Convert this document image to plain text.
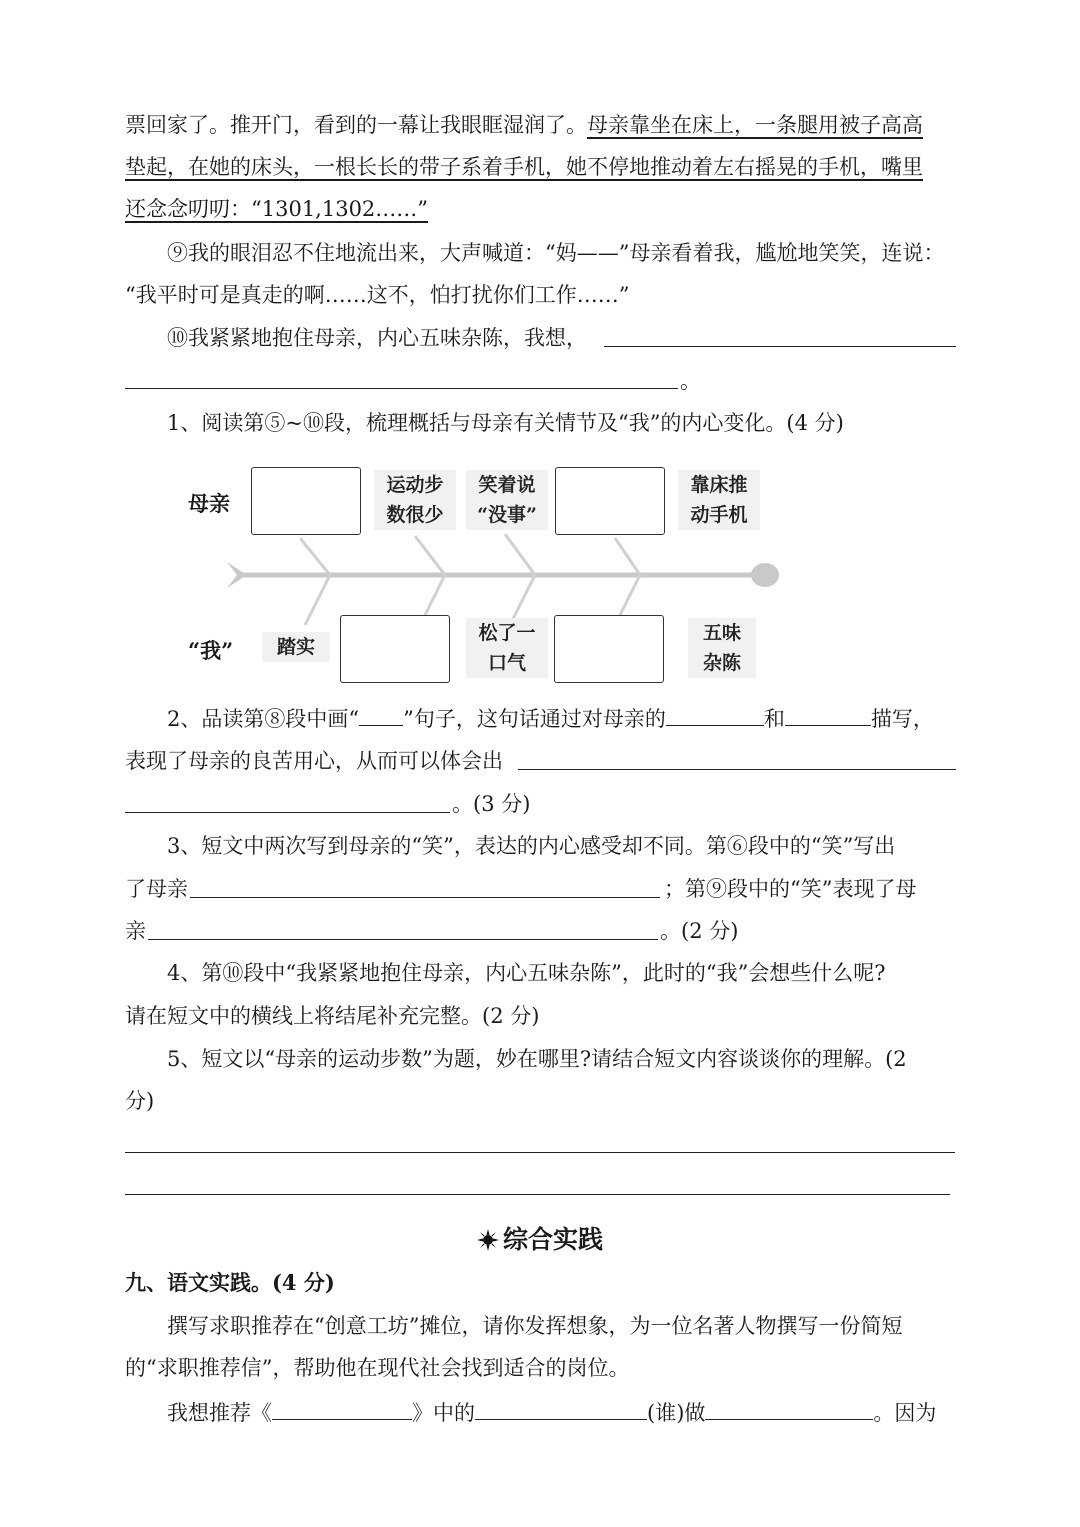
票回家了。推开门，看到的一幕让我眼眶湿润了。母亲靠坐在床上，一条腿用被子高高
垫起，在她的床头，一根长长的带子系着手机，她不停地推动着左右摇晃的手机，嘴里
还念念叨叨：“1301,1302……”
⑨我的眼泪忍不住地流出来，大声喊道：“妈——”母亲看着我，尴尬地笑笑，连说：
“我平时可是真走的啊……这不，怕打扰你们工作……”
⑩我紧紧地抱住母亲，内心五味杂陈，我想，
。
1、阅读第⑤~⑩段，梳理概括与母亲有关情节及“我”的内心变化。(4 分)
母亲
“我”
运动步
数很少
笑着说
“没事”
靠床推
动手机
踏实
松了一
口气
五味
杂陈
2、品读第⑧段中画“ ”句子，这句话通过对母亲的	和	描写，
表现了母亲的良苦用心，从而可以体会出
。(3 分)
3、短文中两次写到母亲的“笑”，表达的内心感受却不同。第⑥段中的“笑”写出
了母亲	；第⑨段中的“笑”表现了母
亲	。(2 分)
4、第⑩段中“我紧紧地抱住母亲，内心五味杂陈”，此时的“我”会想些什么呢?
请在短文中的横线上将结尾补充完整。(2 分)
5、短文以“母亲的运动步数”为题，妙在哪里?请结合短文内容谈谈你的理解。(2
分)
综合实践
九、语文实践。(4 分)
撰写求职推荐在“创意工坊”摊位，请你发挥想象，为一位名著人物撰写一份简短
的“求职推荐信”，帮助他在现代社会找到适合的岗位。
我想推荐《	》中的	(谁)做	。因为
